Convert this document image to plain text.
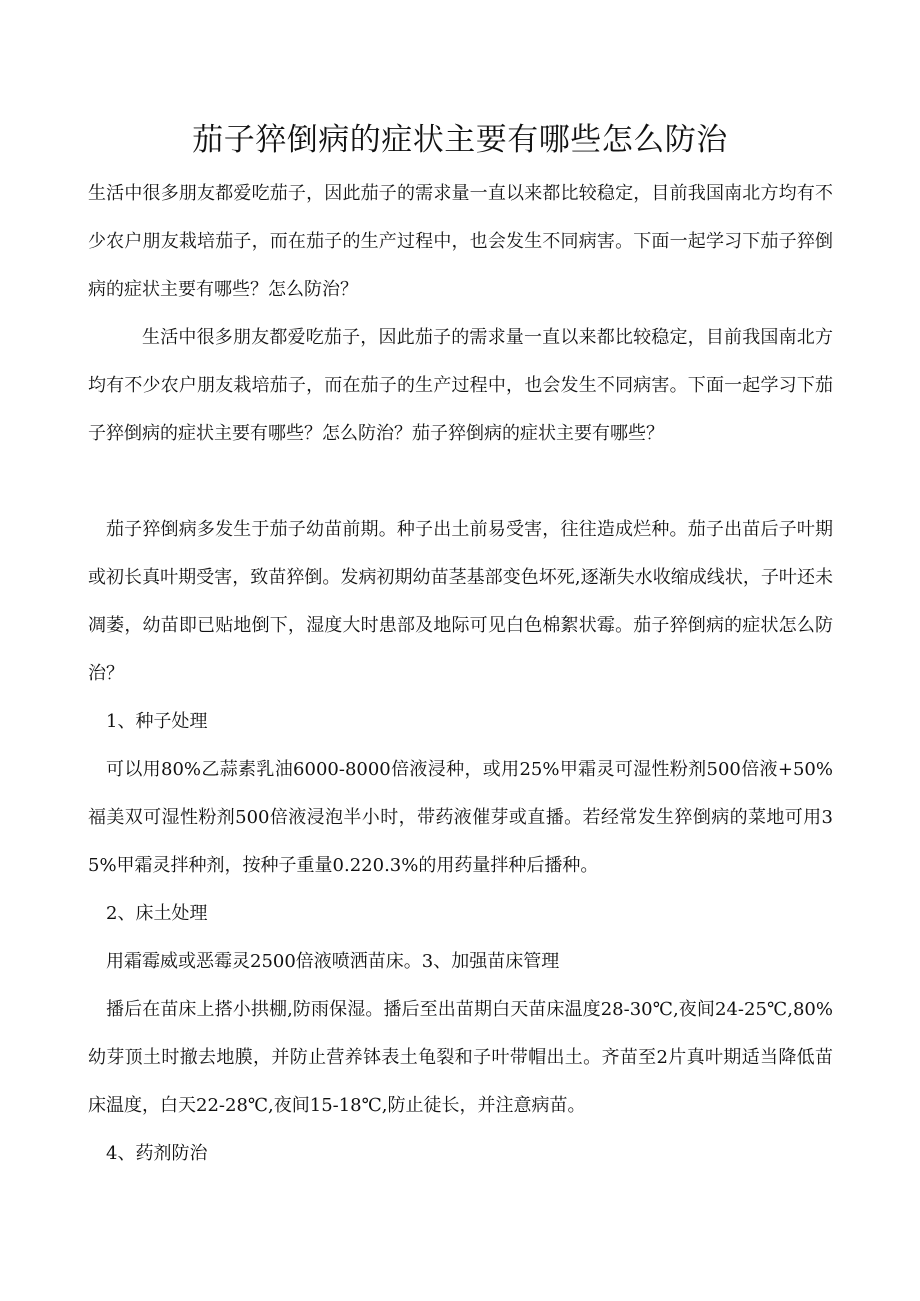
茄子猝倒病的症状主要有哪些怎么防治

生活中很多朋友都爱吃茄子，因此茄子的需求量一直以来都比较稳定，目前我国南北方均有不少农户朋友栽培茄子，而在茄子的生产过程中，也会发生不同病害。下面一起学习下茄子猝倒病的症状主要有哪些？怎么防治？

生活中很多朋友都爱吃茄子，因此茄子的需求量一直以来都比较稳定，目前我国南北方均有不少农户朋友栽培茄子，而在茄子的生产过程中，也会发生不同病害。下面一起学习下茄子猝倒病的症状主要有哪些？怎么防治？茄子猝倒病的症状主要有哪些？

茄子猝倒病多发生于茄子幼苗前期。种子出土前易受害，往往造成烂种。茄子出苗后子叶期或初长真叶期受害，致苗猝倒。发病初期幼苗茎基部变色坏死,逐渐失水收缩成线状，子叶还未凋萎，幼苗即已贴地倒下，湿度大时患部及地际可见白色棉絮状霉。茄子猝倒病的症状怎么防治？

1、种子处理

可以用80%乙蒜素乳油6000-8000倍液浸种，或用25%甲霜灵可湿性粉剂500倍液+50%福美双可湿性粉剂500倍液浸泡半小时，带药液催芽或直播。若经常发生猝倒病的菜地可用35%甲霜灵拌种剂，按种子重量0.220.3%的用药量拌种后播种。

2、床土处理

用霜霉威或恶霉灵2500倍液喷洒苗床。3、加强苗床管理

播后在苗床上搭小拱棚,防雨保湿。播后至出苗期白天苗床温度28-30℃,夜间24-25℃,80%幼芽顶土时撤去地膜，并防止营养钵表土龟裂和子叶带帽出土。齐苗至2片真叶期适当降低苗床温度，白天22-28℃,夜间15-18℃,防止徒长，并注意病苗。

4、药剂防治
